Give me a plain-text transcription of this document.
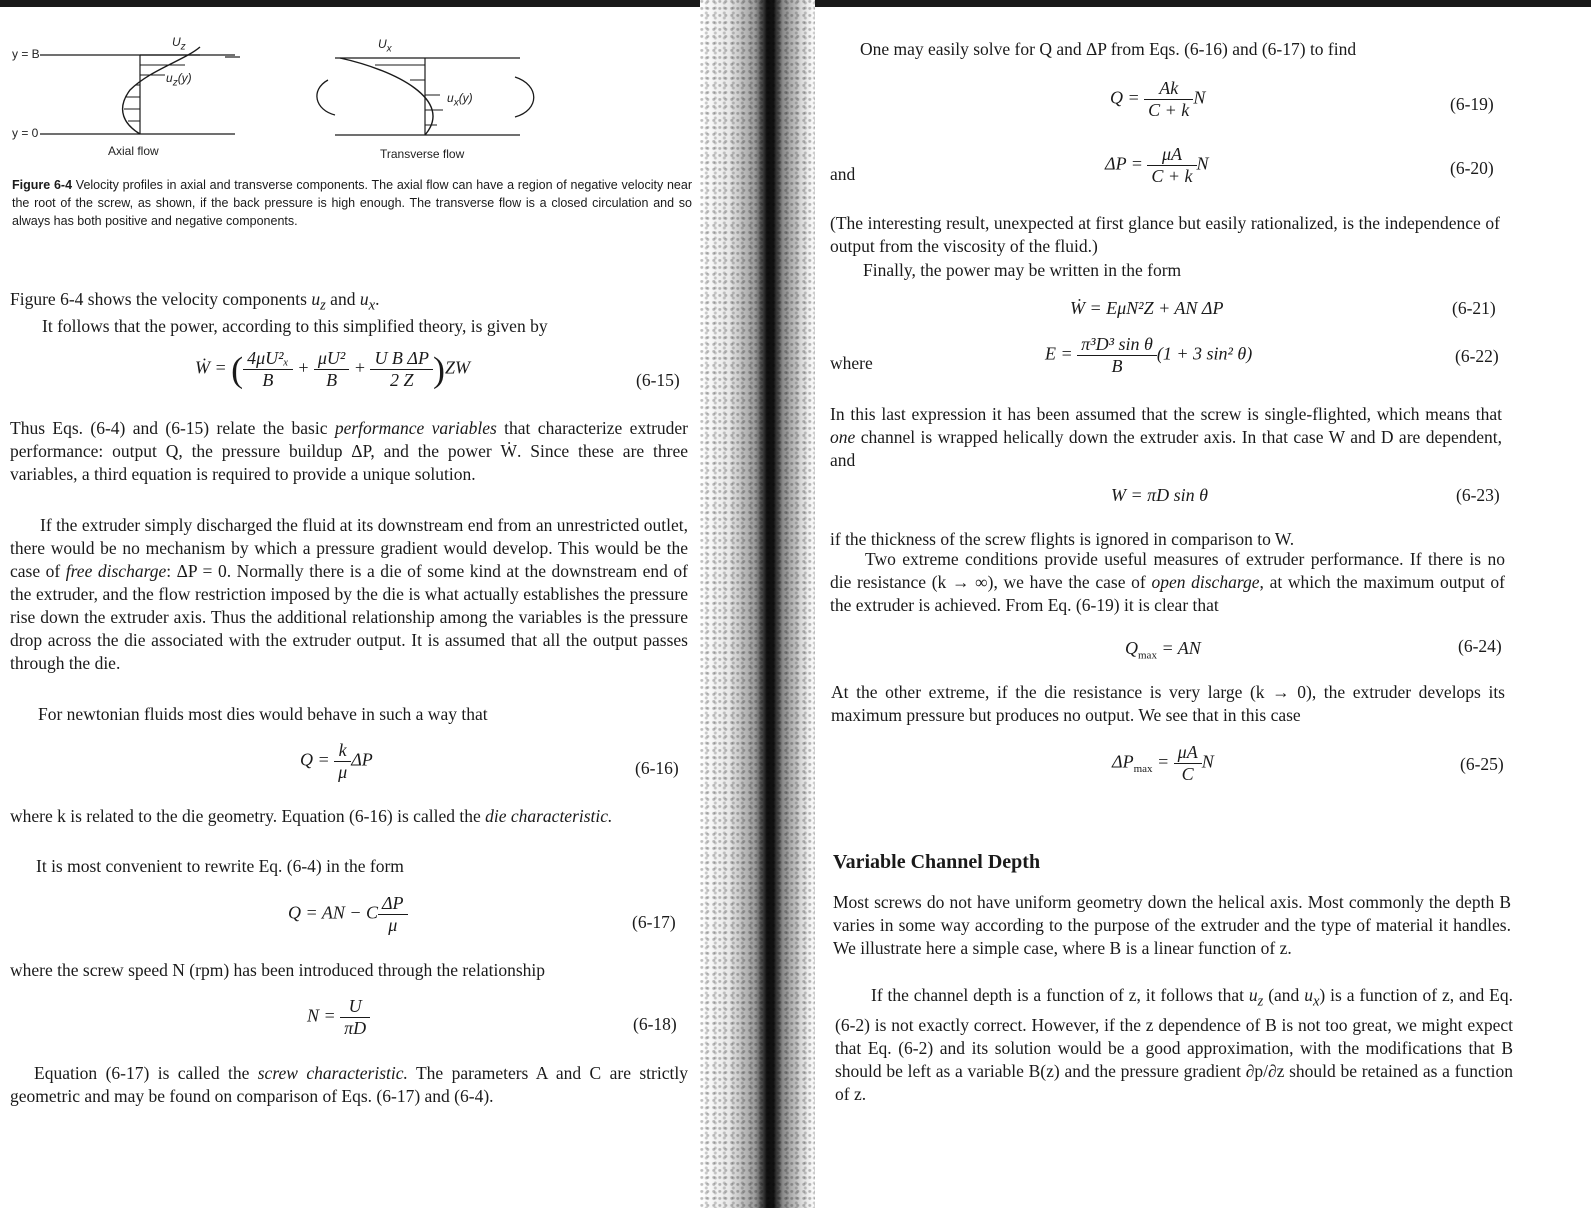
y = B
y = 0
$U_z$
$u_z(y)$
$U_x$
$u_x(y)$
Axial flow	Transverse flow
Figure 6-4 Velocity profiles in axial and transverse components. The axial flow can have a region of negative velocity near the root of the screw, as shown, if the back pressure is high enough. The transverse flow is a closed circulation and so always has both positive and negative components.
Figure 6-4 shows the velocity components $u_z$ and $u_x$.
It follows that the power, according to this simplified theory, is given by
Ẇ = ( $\frac{\text{4μU²ₓ}}{B} + \frac{\text{μU²}}{B} + \frac{\text{U B ΔP}}{2 Z} )ZW$
(6-15)
Thus Eqs. (6-4) and (6-15) relate the basic performance variables that characterize extruder performance: output Q, the pressure buildup ΔP, and the power Ẇ. Since these are three variables, a third equation is required to provide a unique solution.
If the extruder simply discharged the fluid at its downstream end from an unrestricted outlet, there would be no mechanism by which a pressure gradient would develop. This would be the case of free discharge: ΔP = 0. Normally there is a die of some kind at the downstream end of the extruder, and the flow restriction imposed by the die is what actually establishes the pressure rise down the extruder axis. Thus the additional relationship among the variables is the pressure drop across the die associated with the extruder output. It is assumed that all the output passes through the die.
For newtonian fluids most dies would behave in such a way that
$Q = \frac{k}{\mu}$ ΔP	(6-16)
where k is related to the die geometry. Equation (6-16) is called the die characteristic.
It is most convenient to rewrite Eq. (6-4) in the form
Q = AN − C $\frac{\Delta P}{\mu}$	(6-17)
where the screw speed N (rpm) has been introduced through the relationship
$N = \frac{U}{\pi D}$	(6-18)
Equation (6-17) is called the screw characteristic. The parameters A and C are strictly geometric and may be found on comparison of Eqs. (6-17) and (6-4).
One may easily solve for Q and ΔP from Eqs. (6-16) and (6-17) to find
$Q = \frac{Ak}{C + k}$ N	(6-19)
and
$\Delta P = \frac{\mu A}{C + k}$ N	(6-20)
(The interesting result, unexpected at first glance but easily rationalized, is the independence of output from the viscosity of the fluid.)
Finally, the power may be written in the form
Ẇ = EμN²Z + AN ΔP	(6-21)
where	$E = \frac{\text{π³D³ sin θ}}{B} (1 + 3$ sin² θ)	(6-22)
In this last expression it has been assumed that the screw is single-flighted, which means that one channel is wrapped helically down the extruder axis. In that case W and D are dependent, and
W = πD sin θ	(6-23)
if the thickness of the screw flights is ignored in comparison to W.
Two extreme conditions provide useful measures of extruder performance. If there is no die resistance (k → ∞), we have the case of open discharge, at which the maximum output of the extruder is achieved. From Eq. (6-19) it is clear that
$Q_{max}$ = AN	(6-24)
At the other extreme, if the die resistance is very large (k → 0), the extruder develops its maximum pressure but produces no output. We see that in this case
$\Delta P_{max} = \frac{\mu A}{C}$ N	(6-25)
Variable Channel Depth
Most screws do not have uniform geometry down the helical axis. Most commonly the depth B varies in some way according to the purpose of the extruder and the type of material it handles. We illustrate here a simple case, where B is a linear function of z.
If the channel depth is a function of z, it follows that $u_z$ (and $u_x$) is a function of z, and Eq. (6-2) is not exactly correct. However, if the z dependence of B is not too great, we might expect that Eq. (6-2) and its solution would be a good approximation, with the modifications that B should be left as a variable B(z) and the pressure gradient ∂p/∂z should be retained as a function of z.
